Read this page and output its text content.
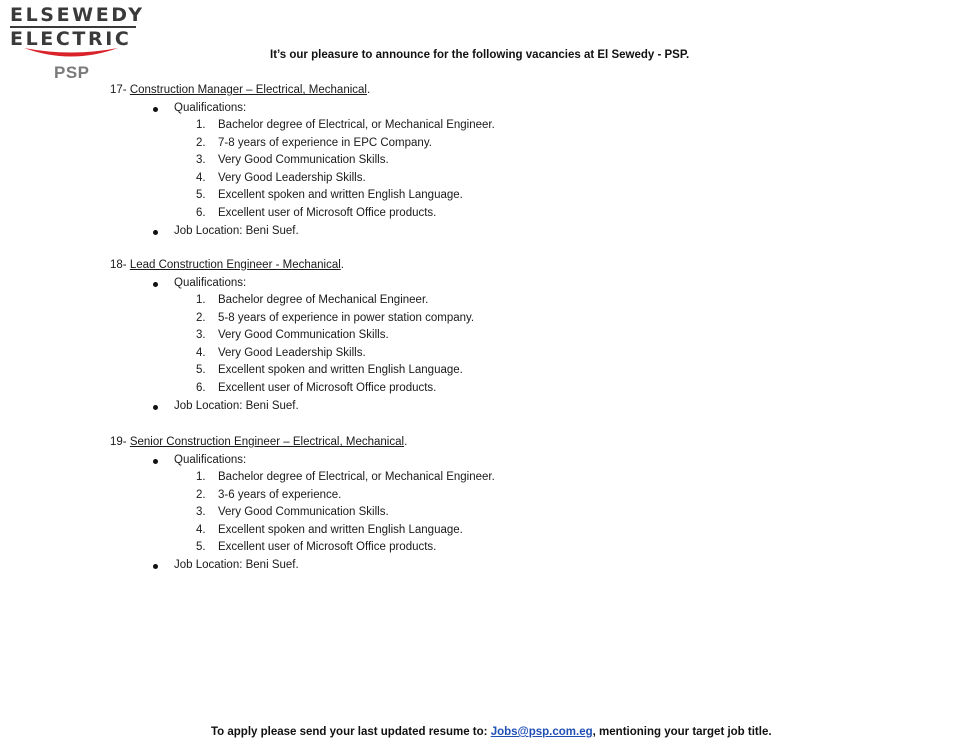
ELSEWEDY
ELECTRIC
PSP
It’s our pleasure to announce for the following vacancies at El Sewedy - PSP.
17- Construction Manager – Electrical, Mechanical.
Qualifications:
1. Bachelor degree of Electrical, or Mechanical Engineer.
2. 7-8 years of experience in EPC Company.
3. Very Good Communication Skills.
4. Very Good Leadership Skills.
5. Excellent spoken and written English Language.
6. Excellent user of Microsoft Office products.
Job Location: Beni Suef.
18- Lead Construction Engineer - Mechanical.
Qualifications:
1. Bachelor degree of Mechanical Engineer.
2. 5-8 years of experience in power station company.
3. Very Good Communication Skills.
4. Very Good Leadership Skills.
5. Excellent spoken and written English Language.
6. Excellent user of Microsoft Office products.
Job Location: Beni Suef.
19- Senior Construction Engineer – Electrical, Mechanical.
Qualifications:
1. Bachelor degree of Electrical, or Mechanical Engineer.
2. 3-6 years of experience.
3. Very Good Communication Skills.
4. Excellent spoken and written English Language.
5. Excellent user of Microsoft Office products.
Job Location: Beni Suef.
To apply please send your last updated resume to: Jobs@psp.com.eg, mentioning your target job title.
